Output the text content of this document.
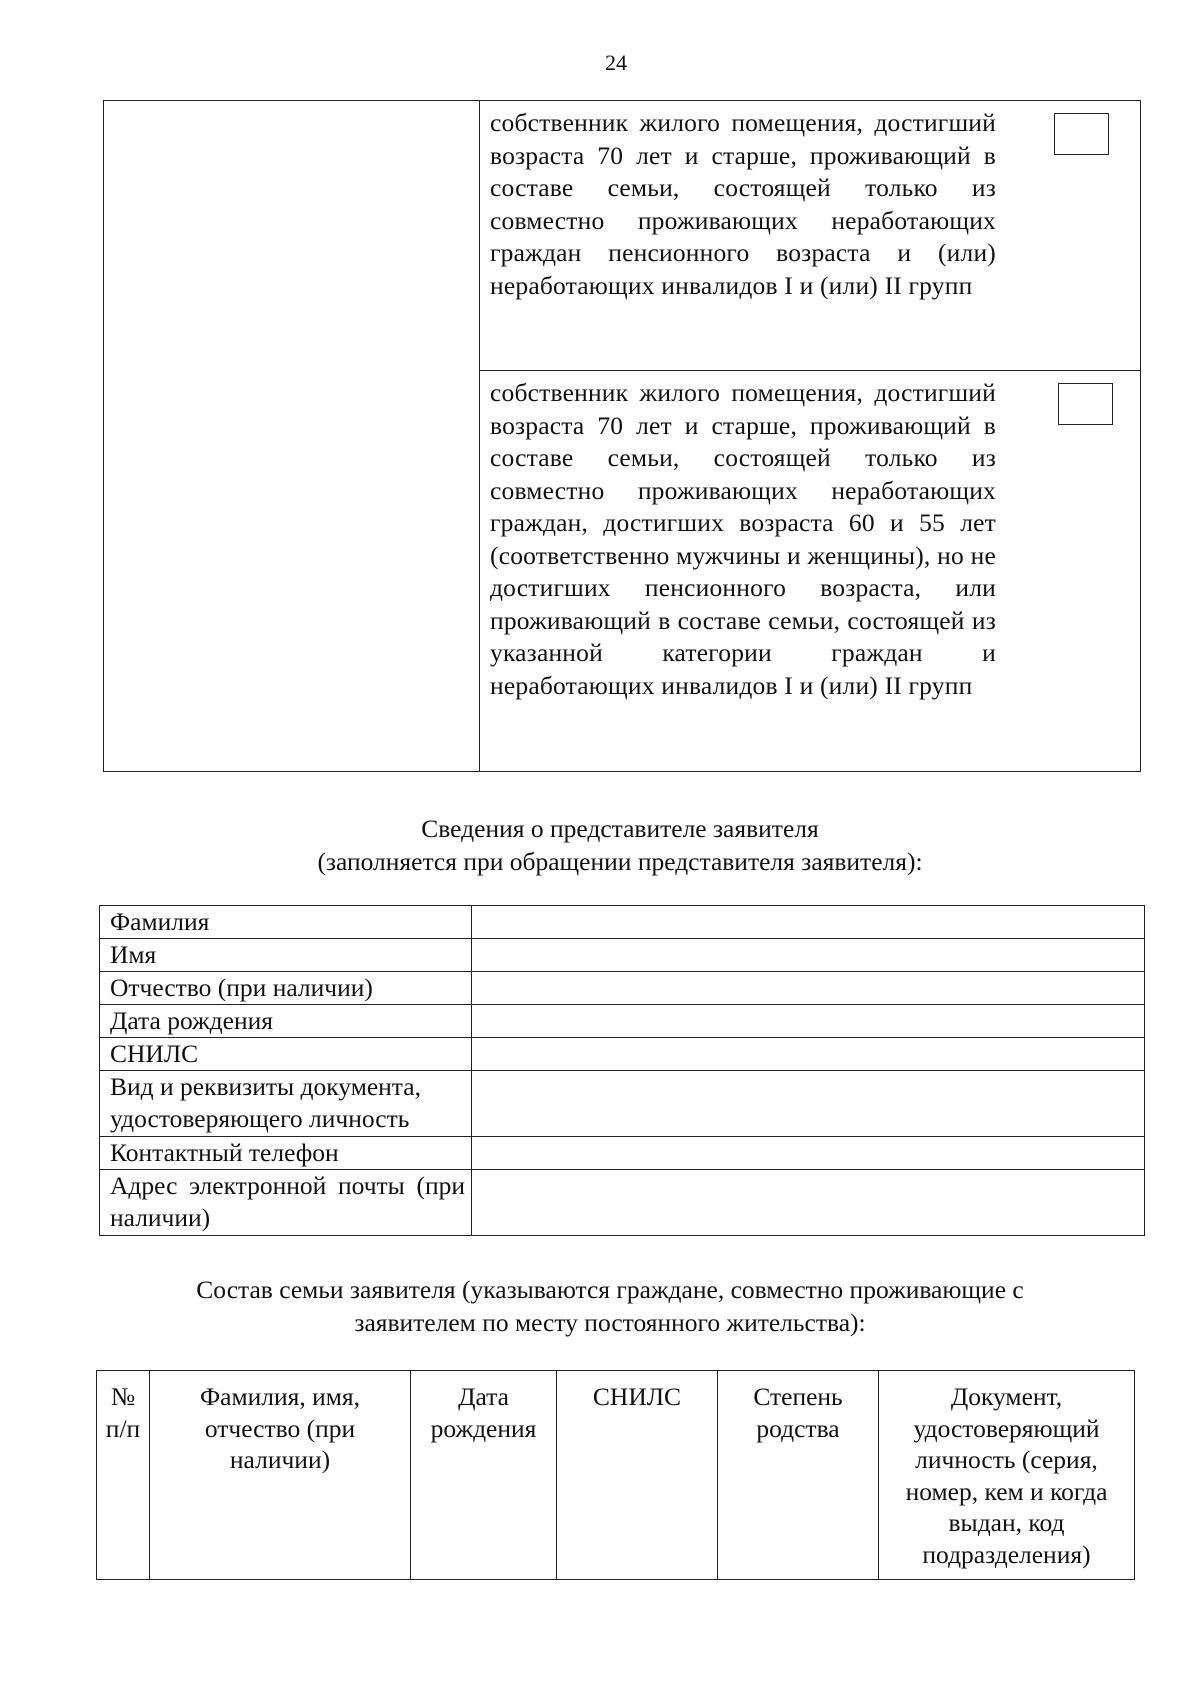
24

	собственник жилого помещения, достигший возраста 70 лет и старше, проживающий в составе семьи, состоящей только из совместно проживающих неработающих граждан пенсионного возраста и (или) неработающих инвалидов I и (или) II групп	

	собственник жилого помещения, достигший возраста 70 лет и старше, проживающий в составе семьи, состоящей только из совместно проживающих неработающих граждан, достигших возраста 60 и 55 лет (соответственно мужчины и женщины), но не достигших пенсионного возраста, или проживающий в составе семьи, состоящей из указанной категории граждан и неработающих инвалидов I и (или) II групп	

Сведения о представителе заявителя
(заполняется при обращении представителя заявителя):
Фамилия	
Имя	
Отчество (при наличии)	
Дата рождения	
СНИЛС	
Вид и реквизиты документа, удостоверяющего личность	
Контактный телефон	
Адрес электронной почты (при наличии)	
Состав семьи заявителя (указываются граждане, совместно проживающие с
заявителем по месту постоянного жительства):
№ п/п	Фамилия, имя, отчество (при наличии)	Дата рождения	СНИЛС	Степень родства	Документ, удостоверяющий личность (серия, номер, кем и когда выдан, код подразделения)
